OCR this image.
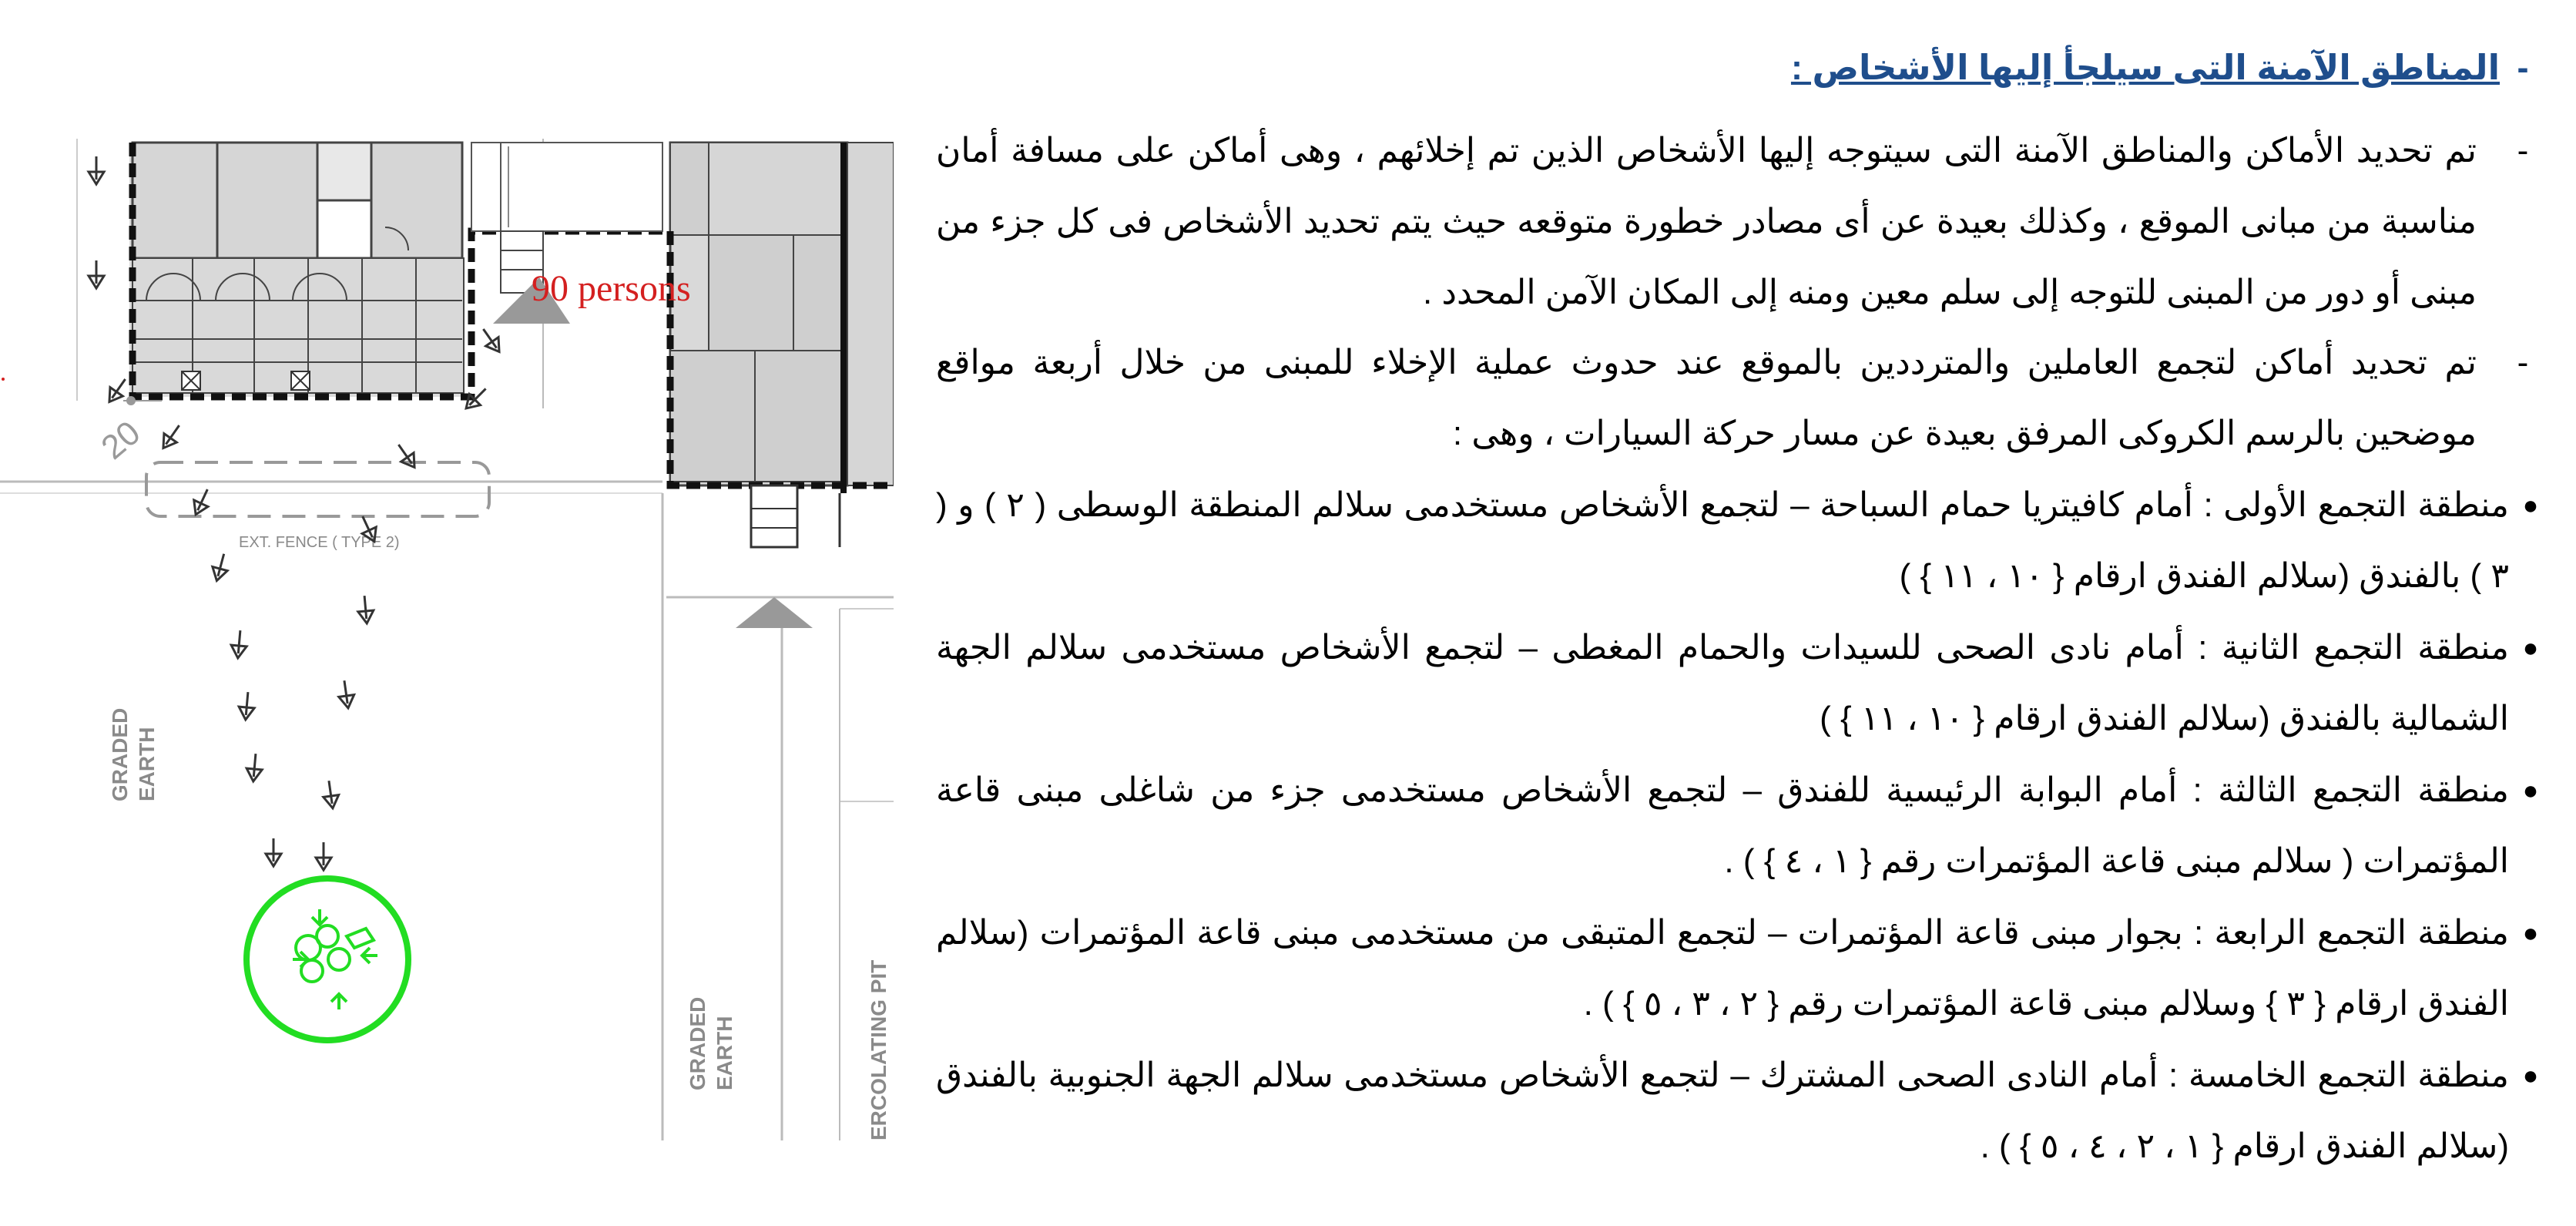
90 persons
EXT. FENCE ( TYPE 2)
20
GRADED EARTH
GRADED EARTH	ERCOLATING PIT
-المناطق الآمنة التى سيلجأ إليها الأشخاص :
-
تم تحديد الأماكن والمناطق الآمنة التى سيتوجه إليها الأشخاص الذين تم إخلائهم ، وهى أماكن على مسافة أمان مناسبة من مبانى الموقع ، وكذلك بعيدة عن أى مصادر خطورة متوقعه حيث يتم تحديد الأشخاص فى كل جزء من مبنى أو دور من المبنى للتوجه إلى سلم معين ومنه إلى المكان الآمن المحدد .
-
تم تحديد أماكن لتجمع العاملين والمترددين بالموقع عند حدوث عملية الإخلاء للمبنى من خلال أربعة مواقع موضحين بالرسم الكروكى المرفق بعيدة عن مسار حركة السيارات ، وهى :
●
منطقة التجمع الأولى : أمام كافيتريا حمام السباحة – لتجمع الأشخاص مستخدمى سلالم المنطقة الوسطى ( ٢ ) و ( ٣ ) بالفندق (سلالم الفندق ارقام { ١٠ ، ١١ } )
●
منطقة التجمع الثانية : أمام نادى الصحى للسيدات والحمام المغطى – لتجمع الأشخاص مستخدمى سلالم الجهة الشمالية بالفندق (سلالم الفندق ارقام { ١٠ ، ١١ } )
●
منطقة التجمع الثالثة : أمام البوابة الرئيسية للفندق – لتجمع الأشخاص مستخدمى جزء من شاغلى مبنى قاعة المؤتمرات ( سلالم مبنى قاعة المؤتمرات رقم { ١ ، ٤ } ) .
●
منطقة التجمع الرابعة : بجوار مبنى قاعة المؤتمرات – لتجمع المتبقى من مستخدمى مبنى قاعة المؤتمرات (سلالم الفندق ارقام { ٣ } وسلالم مبنى قاعة المؤتمرات رقم { ٢ ، ٣ ، ٥ } ) .
●
منطقة التجمع الخامسة : أمام النادى الصحى المشترك – لتجمع الأشخاص مستخدمى سلالم الجهة الجنوبية بالفندق (سلالم الفندق ارقام { ١ ، ٢ ، ٤ ، ٥ } ) .
